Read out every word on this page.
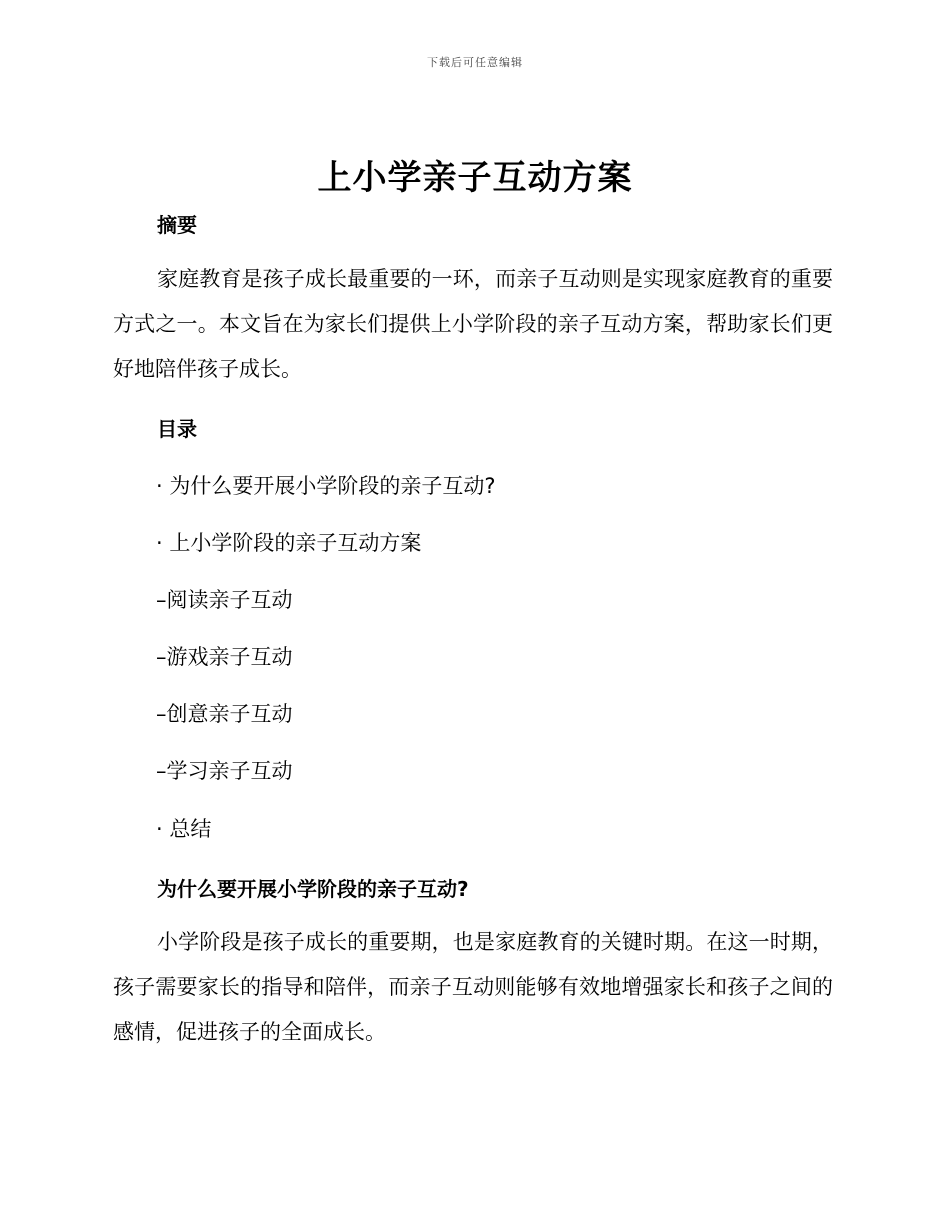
下载后可任意编辑
上小学亲子互动方案
摘要
家庭教育是孩子成长最重要的一环，而亲子互动则是实现家庭教育的重要方式之一。本文旨在为家长们提供上小学阶段的亲子互动方案，帮助家长们更好地陪伴孩子成长。
目录
· 为什么要开展小学阶段的亲子互动?
· 上小学阶段的亲子互动方案
–阅读亲子互动
–游戏亲子互动
–创意亲子互动
–学习亲子互动
· 总结
为什么要开展小学阶段的亲子互动?
小学阶段是孩子成长的重要期，也是家庭教育的关键时期。在这一时期，孩子需要家长的指导和陪伴，而亲子互动则能够有效地增强家长和孩子之间的感情，促进孩子的全面成长。
